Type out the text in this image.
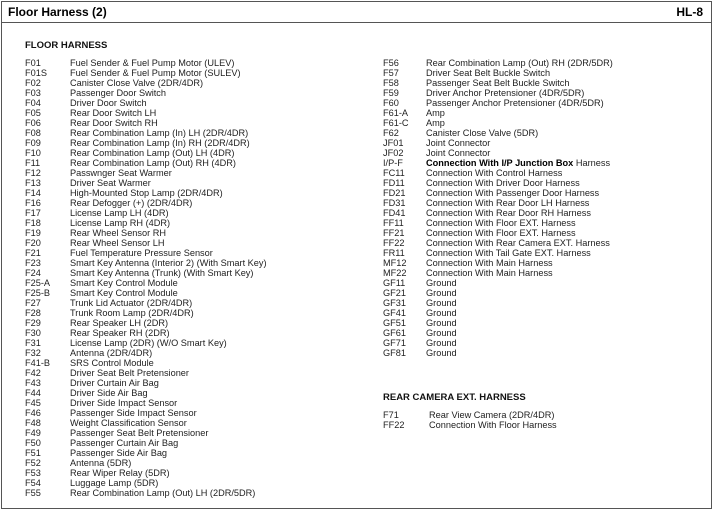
Floor Harness (2)	HL-8
FLOOR HARNESS
F01	Fuel Sender & Fuel Pump Motor (ULEV)
F01S	Fuel Sender & Fuel Pump Motor (SULEV)
F02	Canister Close Valve (2DR/4DR)
F03	Passenger Door Switch
F04	Driver Door Switch
F05	Rear Door Switch LH
F06	Rear Door Switch RH
F08	Rear Combination Lamp (In) LH (2DR/4DR)
F09	Rear Combination Lamp (In) RH (2DR/4DR)
F10	Rear Combination Lamp (Out) LH (4DR)
F11	Rear Combination Lamp (Out) RH (4DR)
F12	Passwnger Seat Warmer
F13	Driver Seat Warmer
F14	High-Mounted Stop Lamp (2DR/4DR)
F16	Rear Defogger (+) (2DR/4DR)
F17	License Lamp LH (4DR)
F18	License Lamp RH (4DR)
F19	Rear Wheel Sensor RH
F20	Rear Wheel Sensor LH
F21	Fuel Temperature Pressure Sensor
F23	Smart Key Antenna (Interior 2) (With Smart Key)
F24	Smart Key Antenna (Trunk) (With Smart Key)
F25-A	Smart Key Control Module
F25-B	Smart Key Control Module
F27	Trunk Lid Actuator (2DR/4DR)
F28	Trunk Room Lamp (2DR/4DR)
F29	Rear Speaker LH (2DR)
F30	Rear Speaker RH (2DR)
F31	License Lamp (2DR) (W/O Smart Key)
F32	Antenna (2DR/4DR)
F41-B	SRS Control Module
F42	Driver Seat Belt Pretensioner
F43	Driver Curtain Air Bag
F44	Driver Side Air Bag
F45	Driver Side Impact Sensor
F46	Passenger Side Impact Sensor
F48	Weight Classification Sensor
F49	Passenger Seat Belt Pretensioner
F50	Passenger Curtain Air Bag
F51	Passenger Side Air Bag
F52	Antenna (5DR)
F53	Rear Wiper Relay (5DR)
F54	Luggage Lamp (5DR)
F55	Rear Combination Lamp (Out) LH (2DR/5DR)
F56	Rear Combination Lamp (Out) RH (2DR/5DR)
F57	Driver Seat Belt Buckle Switch
F58	Passenger Seat Belt Buckle Switch
F59	Driver Anchor Pretensioner (4DR/5DR)
F60	Passenger Anchor Pretensioner (4DR/5DR)
F61-A	Amp
F61-C	Amp
F62	Canister Close Valve (5DR)
JF01	Joint Connector
JF02	Joint Connector
I/P-F	Connection With I/P Junction Box Harness
FC11	Connection With Control Harness
FD11	Connection With Driver Door Harness
FD21	Connection With Passenger Door Harness
FD31	Connection With Rear Door LH Harness
FD41	Connection With Rear Door RH Harness
FF11	Connection With Floor EXT. Harness
FF21	Connection With Floor EXT. Harness
FF22	Connection With Rear Camera EXT. Harness
FR11	Connection With Tail Gate EXT. Harness
MF12	Connection With Main Harness
MF22	Connection With Main Harness
GF11	Ground
GF21	Ground
GF31	Ground
GF41	Ground
GF51	Ground
GF61	Ground
GF71	Ground
GF81	Ground
REAR CAMERA EXT. HARNESS
F71	Rear View Camera (2DR/4DR)
FF22	Connection With Floor Harness
